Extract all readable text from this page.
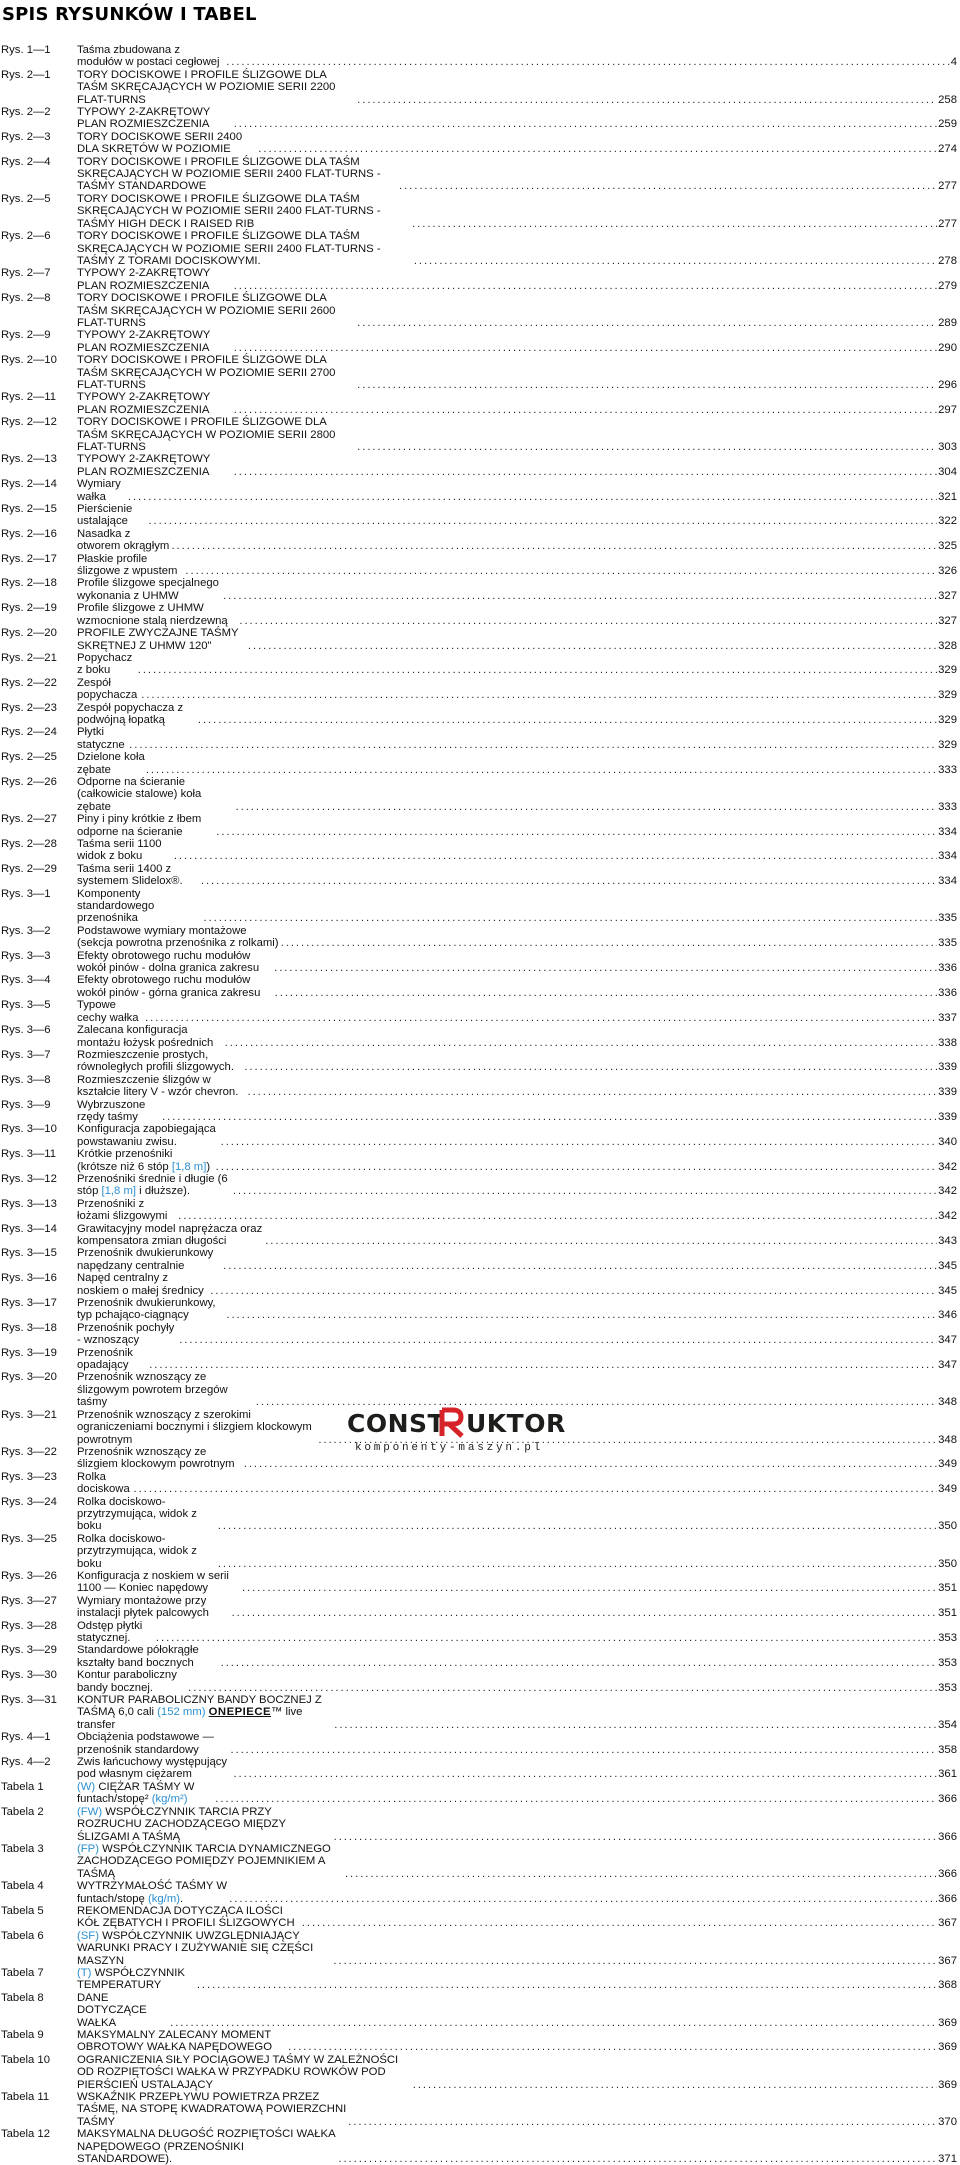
SPIS RYSUNKÓW I TABEL
Rys. 1—1	Taśma zbudowana z modułów w postaci cegłowej . . .	4
Rys. 2—1	TORY DOCISKOWE I PROFILE ŚLIZGOWE DLA TAŚM SKRĘCAJĄCYCH W POZIOMIE SERII 2200 FLAT-TURNS . . .	258
Rys. 2—2	TYPOWY 2-ZAKRĘTOWY PLAN ROZMIESZCZENIA . . .	259
Rys. 2—3	TORY DOCISKOWE SERII 2400 DLA SKRĘTÓW W POZIOMIE . . .	274
Rys. 2—4	TORY DOCISKOWE I PROFILE ŚLIZGOWE DLA TAŚM SKRĘCAJĄCYCH W POZIOMIE SERII 2400 FLAT-TURNS - TAŚMY STANDARDOWE . . .	277
Rys. 2—5	TORY DOCISKOWE I PROFILE ŚLIZGOWE DLA TAŚM SKRĘCAJĄCYCH W POZIOMIE SERII 2400 FLAT-TURNS - TAŚMY HIGH DECK I RAISED RIB . . .	277
Rys. 2—6	TORY DOCISKOWE I PROFILE ŚLIZGOWE DLA TAŚM SKRĘCAJĄCYCH W POZIOMIE SERII 2400 FLAT-TURNS - TAŚMY Z TORAMI DOCISKOWYMI. . . .	278
Rys. 2—7	TYPOWY 2-ZAKRĘTOWY PLAN ROZMIESZCZENIA . . .	279
Rys. 2—8	TORY DOCISKOWE I PROFILE ŚLIZGOWE DLA TAŚM SKRĘCAJĄCYCH W POZIOMIE SERII 2600 FLAT-TURNS . . .	289
Rys. 2—9	TYPOWY 2-ZAKRĘTOWY PLAN ROZMIESZCZENIA . . .	290
Rys. 2—10	TORY DOCISKOWE I PROFILE ŚLIZGOWE DLA TAŚM SKRĘCAJĄCYCH W POZIOMIE SERII 2700 FLAT-TURNS . . .	296
Rys. 2—11	TYPOWY 2-ZAKRĘTOWY PLAN ROZMIESZCZENIA . . .	297
Rys. 2—12	TORY DOCISKOWE I PROFILE ŚLIZGOWE DLA TAŚM SKRĘCAJĄCYCH W POZIOMIE SERII 2800 FLAT-TURNS . . .	303
Rys. 2—13	TYPOWY 2-ZAKRĘTOWY PLAN ROZMIESZCZENIA . . .	304
Rys. 2—14	Wymiary wałka . . .	321
Rys. 2—15	Pierścienie ustalające . . .	322
Rys. 2—16	Nasadka z otworem okrągłym . . .	325
Rys. 2—17	Płaskie profile ślizgowe z wpustem . . .	326
Rys. 2—18	Profile ślizgowe specjalnego wykonania z UHMW . . .	327
Rys. 2—19	Profile ślizgowe z UHMW wzmocnione stalą nierdzewną . . .	327
Rys. 2—20	PROFILE ZWYCZAJNE TAŚMY SKRĘTNEJ Z UHMW 120" . . .	328
Rys. 2—21	Popychacz z boku . . .	329
Rys. 2—22	Zespół popychacza . . .	329
Rys. 2—23	Zespół popychacza z podwójną łopatką . . .	329
Rys. 2—24	Płytki statyczne . . .	329
Rys. 2—25	Dzielone koła zębate . . .	333
Rys. 2—26	Odporne na ścieranie (całkowicie stalowe) koła zębate . . .	333
Rys. 2—27	Piny i piny krótkie z łbem odporne na ścieranie . . .	334
Rys. 2—28	Taśma serii 1100 widok z boku . . .	334
Rys. 2—29	Taśma serii 1400 z systemem Slidelox®. . . .	334
Rys. 3—1	Komponenty standardowego przenośnika . . .	335
Rys. 3—2	Podstawowe wymiary montażowe (sekcja powrotna przenośnika z rolkami) . . .	335
Rys. 3—3	Efekty obrotowego ruchu modułów wokół pinów - dolna granica zakresu . . .	336
Rys. 3—4	Efekty obrotowego ruchu modułów wokół pinów - górna granica zakresu . . .	336
Rys. 3—5	Typowe cechy wałka . . .	337
Rys. 3—6	Zalecana konfiguracja montażu łożysk pośrednich . . .	338
Rys. 3—7	Rozmieszczenie prostych, równoległych profili ślizgowych. . . .	339
Rys. 3—8	Rozmieszczenie ślizgów w kształcie litery V - wzór chevron. . . .	339
Rys. 3—9	Wybrzuszone rzędy taśmy . . .	339
Rys. 3—10	Konfiguracja zapobiegająca powstawaniu zwisu. . . .	340
Rys. 3—11	Krótkie przenośniki (krótsze niż 6 stóp [1,8 m]) . . .	342
Rys. 3—12	Przenośniki średnie i długie (6 stóp [1,8 m] i dłuższe). . . .	342
Rys. 3—13	Przenośniki z łożami ślizgowymi . . .	342
Rys. 3—14	Grawitacyjny model naprężacza oraz kompensatora zmian długości . . .	343
Rys. 3—15	Przenośnik dwukierunkowy napędzany centralnie . . .	345
Rys. 3—16	Napęd centralny z noskiem o małej średnicy . . .	345
Rys. 3—17	Przenośnik dwukierunkowy, typ pchająco-ciągnący . . .	346
Rys. 3—18	Przenośnik pochyły - wznoszący . . .	347
Rys. 3—19	Przenośnik opadający . . .	347
Rys. 3—20	Przenośnik wznoszący ze ślizgowym powrotem brzegów taśmy . . .	348
Rys. 3—21	Przenośnik wznoszący z szerokimi ograniczeniami bocznymi i ślizgiem klockowym powrotnym . . .	348
Rys. 3—22	Przenośnik wznoszący ze ślizgiem klockowym powrotnym . . .	349
Rys. 3—23	Rolka dociskowa . . .	349
Rys. 3—24	Rolka dociskowo-przytrzymująca, widok z boku . . .	350
Rys. 3—25	Rolka dociskowo-przytrzymująca, widok z boku . . .	350
Rys. 3—26	Konfiguracja z noskiem w serii 1100 — Koniec napędowy . . .	351
Rys. 3—27	Wymiary montażowe przy instalacji płytek palcowych . . .	351
Rys. 3—28	Odstęp płytki statycznej. . . .	353
Rys. 3—29	Standardowe półokrągłe kształty band bocznych . . .	353
Rys. 3—30	Kontur paraboliczny bandy bocznej. . . .	353
Rys. 3—31	KONTUR PARABOLICZNY BANDY BOCZNEJ Z TAŚMĄ 6,0 cali (152 mm) ONEPIECE™ live transfer . . .	354
Rys. 4—1	Obciążenia podstawowe — przenośnik standardowy . . .	358
Rys. 4—2	Zwis łańcuchowy występujący pod własnym ciężarem . . .	361
Tabela 1	(W) CIĘŻAR TAŚMY W funtach/stopę² (kg/m²) . . .	366
Tabela 2	(FW) WSPÓŁCZYNNIK TARCIA PRZY ROZRUCHU ZACHODZĄCEGO MIĘDZY ŚLIZGAMI A TAŚMĄ . . .	366
Tabela 3	(FP) WSPÓŁCZYNNIK TARCIA DYNAMICZNEGO ZACHODZĄCEGO POMIĘDZY POJEMNIKIEM A TAŚMĄ . . .	366
Tabela 4	WYTRZYMAŁOŚĆ TAŚMY W funtach/stopę (kg/m). . . .	366
Tabela 5	REKOMENDACJA DOTYCZĄCA ILOŚCI KÓŁ ZĘBATYCH I PROFILI ŚLIZGOWYCH . . .	367
Tabela 6	(SF) WSPÓŁCZYNNIK UWZGLĘDNIAJĄCY WARUNKI PRACY I ZUŻYWANIE SIĘ CZĘŚCI MASZYN . . .	367
Tabela 7	(T) WSPÓŁCZYNNIK TEMPERATURY . . .	368
Tabela 8	DANE DOTYCZĄCE WAŁKA . . .	369
Tabela 9	MAKSYMALNY ZALECANY MOMENT OBROTOWY WAŁKA NAPĘDOWEGO . . .	369
Tabela 10	OGRANICZENIA SIŁY POCIĄGOWEJ TAŚMY W ZALEŻNOŚCI OD ROZPIĘTOŚCI WAŁKA W PRZYPADKU ROWKÓW POD PIERŚCIEŃ USTALAJĄCY . . .	369
Tabela 11	WSKAŹNIK PRZEPŁYWU POWIETRZA PRZEZ TAŚMĘ, NA STOPĘ KWADRATOWĄ POWIERZCHNI TAŚMY . . .	370
Tabela 12	MAKSYMALNA DŁUGOŚĆ ROZPIĘTOŚCI WAŁKA NAPĘDOWEGO (PRZENOŚNIKI STANDARDOWE). . . .	371
CONST UKTOR
komponenty-maszyn.pl
